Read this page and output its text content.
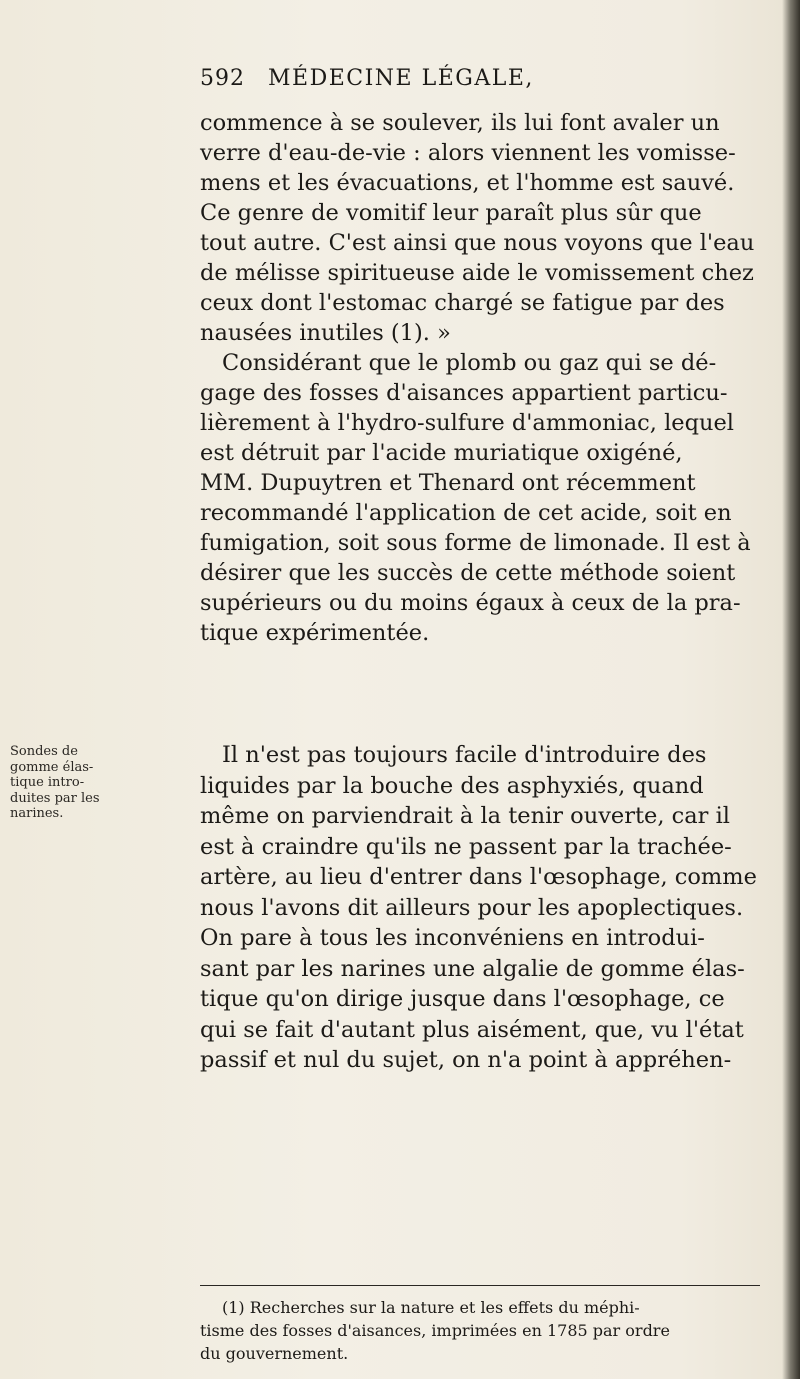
592 MÉDECINE LÉGALE,
commence à se soulever, ils lui font avaler un
verre d'eau-de-vie : alors viennent les vomisse-
mens et les évacuations, et l'homme est sauvé.
Ce genre de vomitif leur paraît plus sûr que
tout autre. C'est ainsi que nous voyons que l'eau
de mélisse spiritueuse aide le vomissement chez
ceux dont l'estomac chargé se fatigue par des
nausées inutiles (1). »
Considérant que le plomb ou gaz qui se dé-
gage des fosses d'aisances appartient particu-
lièrement à l'hydro-sulfure d'ammoniac, lequel
est détruit par l'acide muriatique oxigéné,
MM. Dupuytren et Thenard ont récemment
recommandé l'application de cet acide, soit en
fumigation, soit sous forme de limonade. Il est à
désirer que les succès de cette méthode soient
supérieurs ou du moins égaux à ceux de la pra-
tique expérimentée.
Sondes de
gomme élas-
tique intro-
duites par les
narines.
Il n'est pas toujours facile d'introduire des
liquides par la bouche des asphyxiés, quand
même on parviendrait à la tenir ouverte, car il
est à craindre qu'ils ne passent par la trachée-
artère, au lieu d'entrer dans l'œsophage, comme
nous l'avons dit ailleurs pour les apoplectiques.
On pare à tous les inconvéniens en introdui-
sant par les narines une algalie de gomme élas-
tique qu'on dirige jusque dans l'œsophage, ce
qui se fait d'autant plus aisément, que, vu l'état
passif et nul du sujet, on n'a point à appréhen-
(1) Recherches sur la nature et les effets du méphi-
tisme des fosses d'aisances, imprimées en 1785 par ordre
du gouvernement.
